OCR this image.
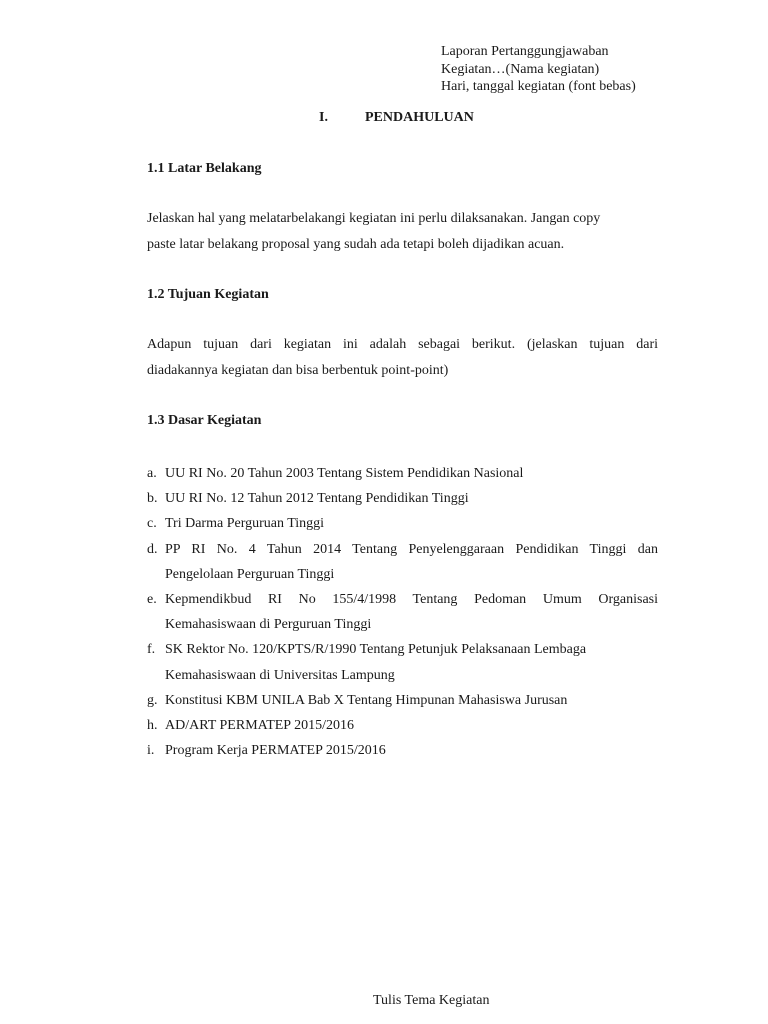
Laporan Pertanggungjawaban
Kegiatan…(Nama kegiatan)
Hari, tanggal kegiatan (font bebas)
I.	PENDAHULUAN
1.1 Latar Belakang
Jelaskan hal yang melatarbelakangi kegiatan ini perlu dilaksanakan. Jangan copy
paste latar belakang proposal yang sudah ada tetapi boleh dijadikan acuan.
1.2 Tujuan Kegiatan
Adapun tujuan dari kegiatan ini adalah sebagai berikut. (jelaskan tujuan dari
diadakannya kegiatan dan bisa berbentuk point-point)
1.3 Dasar Kegiatan
a. UU RI No. 20 Tahun 2003 Tentang Sistem Pendidikan Nasional
b. UU RI No. 12 Tahun 2012 Tentang Pendidikan Tinggi
c. Tri Darma Perguruan Tinggi
d. PP RI No. 4 Tahun 2014 Tentang Penyelenggaraan Pendidikan Tinggi dan
Pengelolaan Perguruan Tinggi
e. Kepmendikbud RI No 155/4/1998 Tentang Pedoman Umum Organisasi
Kemahasiswaan di Perguruan Tinggi
f. SK Rektor No. 120/KPTS/R/1990 Tentang Petunjuk Pelaksanaan Lembaga
Kemahasiswaan di Universitas Lampung
g. Konstitusi KBM UNILA Bab X Tentang Himpunan Mahasiswa Jurusan
h. AD/ART PERMATEP 2015/2016
i. Program Kerja PERMATEP 2015/2016
Tulis Tema Kegiatan
